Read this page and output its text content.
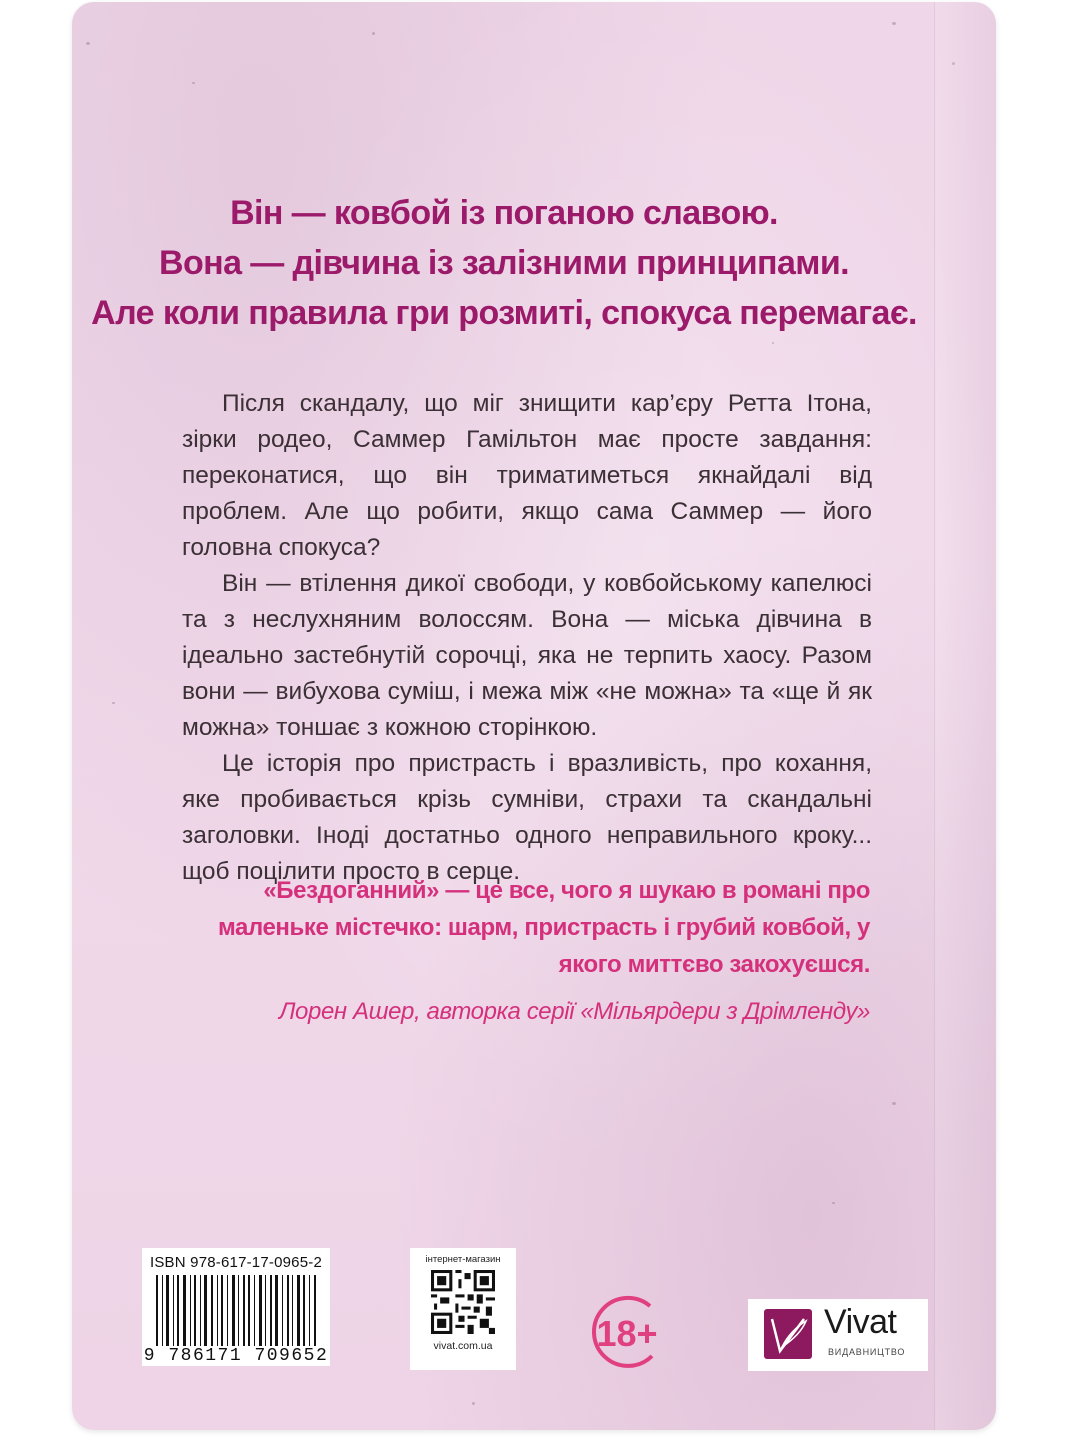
Він — ковбой із поганою славою.
Вона — дівчина із залізними принципами.
Але коли правила гри розмиті, спокуса перемагає.

Після скандалу, що міг знищити кар’єру Ретта Ітона, зірки родео, Саммер Гамільтон має просте завдання: переконатися, що він триматиметься якнайдалі від проблем. Але що робити, якщо сама Саммер — його головна спокуса?

Він — втілення дикої свободи, у ковбойському капелюсі та з неслухняним волоссям. Вона — міська дівчина в ідеально застебнутій сорочці, яка не терпить хаосу. Разом вони — вибухова суміш, і межа між «не можна» та «ще й як можна» тоншає з кожною сторінкою.

Це історія про пристрасть і вразливість, про кохання, яке пробивається крізь сумніви, страхи та скандальні заголовки. Іноді достатньо одного неправильного кроку... щоб поцілити просто в серце.

«Бездоганний» — це все, чого я шукаю в романі про маленьке містечко: шарм, пристрасть і грубий ковбой, у якого миттєво закохуєшся.
Лорен Ашер, авторка серії «Мільярдери з Дрімленду»
ISBN 978-617-17-0965-2
9 786171 709652
інтернет-магазин
vivat.com.ua	18+	Vivat
ВИДАВНИЦТВО
